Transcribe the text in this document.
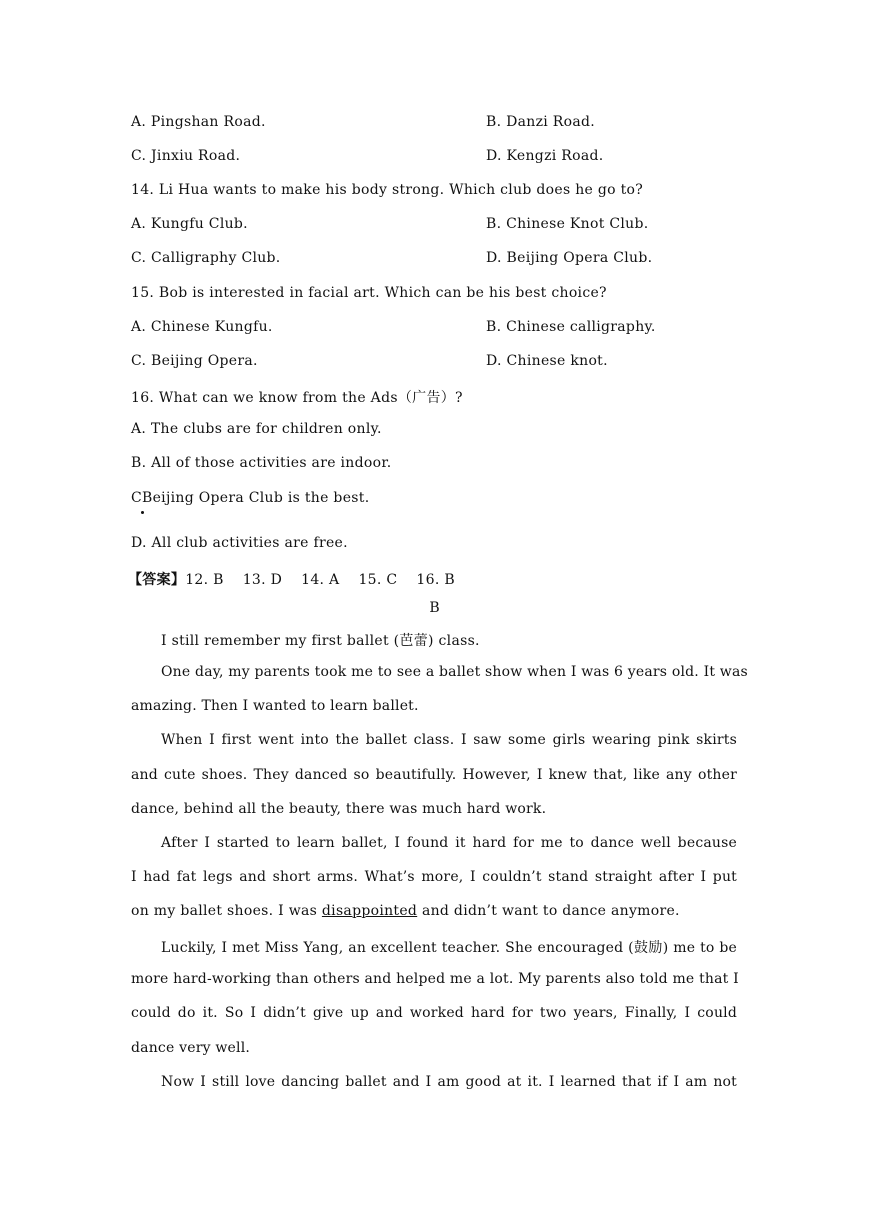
A. Pingshan Road.	B. Danzi Road.
C. Jinxiu Road.	D. Kengzi Road.
14. Li Hua wants to make his body strong. Which club does he go to?
A. Kungfu Club.	B. Chinese Knot Club.
C. Calligraphy Club.	D. Beijing Opera Club.
15. Bob is interested in facial art. Which can be his best choice?
A. Chinese Kungfu.	B. Chinese calligraphy.
C. Beijing Opera.	D. Chinese knot.
16. What can we know from the Ads（广告）?
A. The clubs are for children only.
B. All of those activities are indoor.
CBeijing Opera Club is the best.
D. All club activities are free.
【答案】12. B    13. D    14. A    15. C    16. B
B
I still remember my first ballet (芭蕾) class.
One day, my parents took me to see a ballet show when I was 6 years old. It was
amazing. Then I wanted to learn ballet.
When I first went into the ballet class. I saw some girls wearing pink skirts
and cute shoes. They danced so beautifully. However, I knew that, like any other
dance, behind all the beauty, there was much hard work.
After I started to learn ballet, I found it hard for me to dance well because
I had fat legs and short arms. What’s more, I couldn’t stand straight after I put
on my ballet shoes. I was disappointed and didn’t want to dance anymore.
Luckily, I met Miss Yang, an excellent teacher. She encouraged (鼓励) me to be
more hard-working than others and helped me a lot. My parents also told me that I
could do it. So I didn’t give up and worked hard for two years, Finally, I could
dance very well.
Now I still love dancing ballet and I am good at it. I learned that if I am not
